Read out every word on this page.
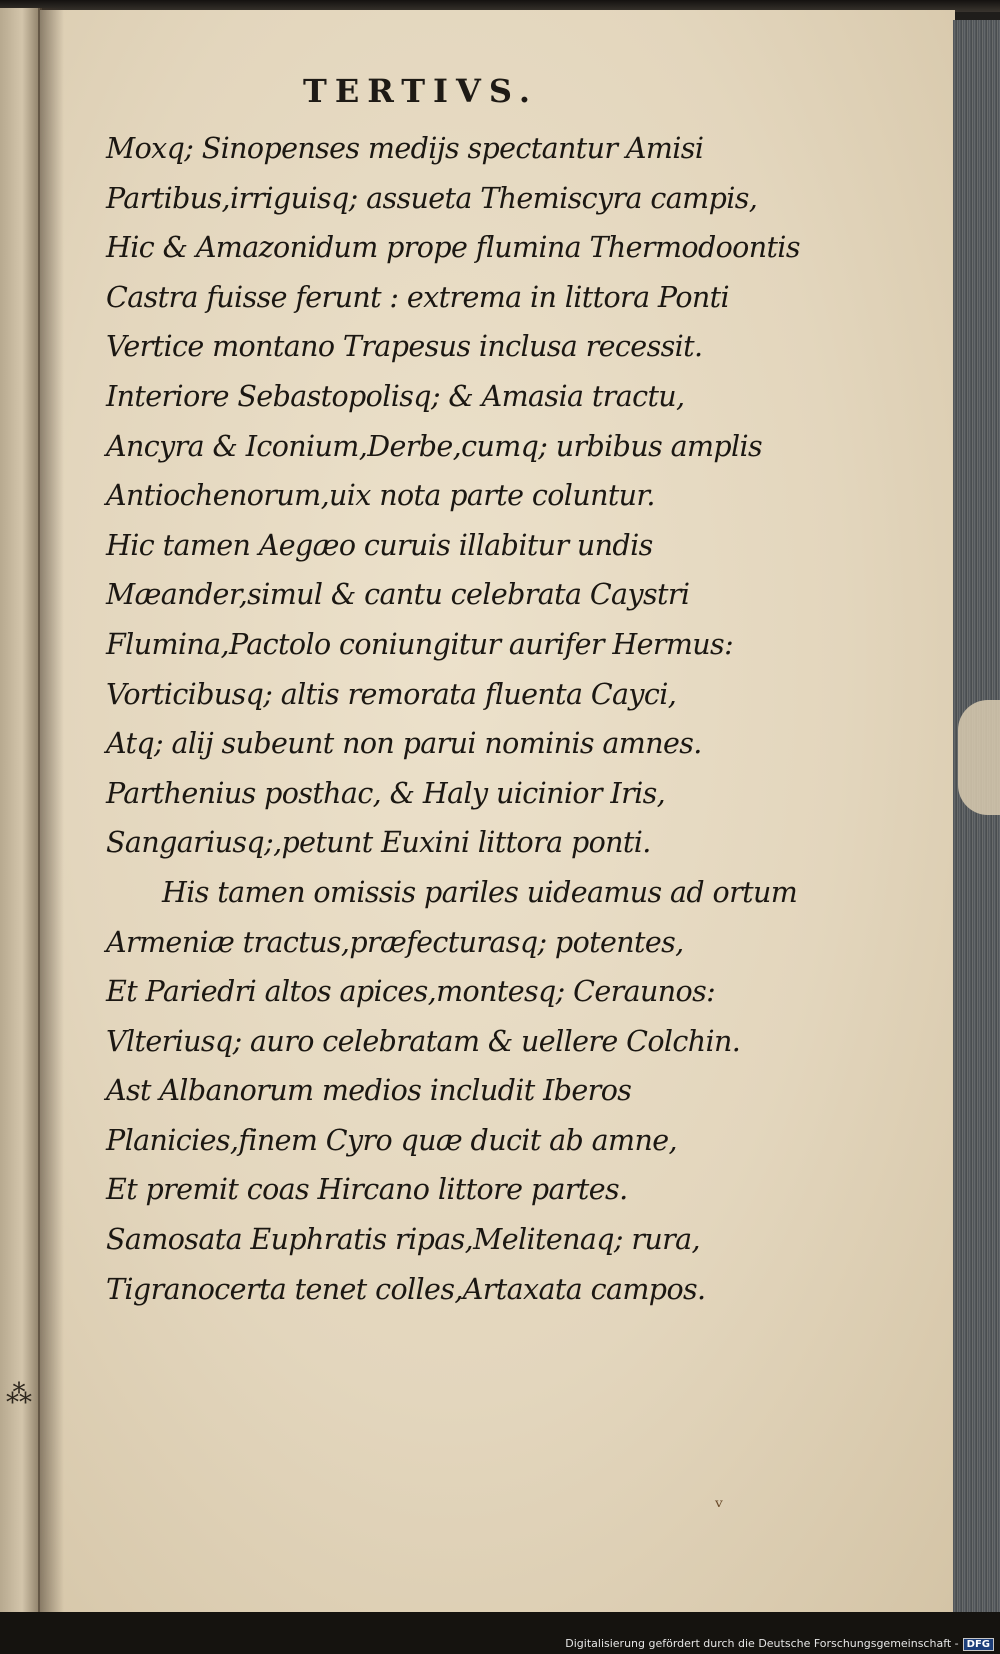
TERTIVS.
Moxq; Sinopenses medijs spectantur Amisi
Partibus,irriguisq; assueta Themiscyra campis,
Hic & Amazonidum prope flumina Thermodoontis
Castra fuisse ferunt : extrema in littora Ponti
Vertice montano Trapesus inclusa recessit.
Interiore Sebastopolisq; & Amasia tractu,
Ancyra & Iconium,Derbe,cumq; urbibus amplis
Antiochenorum,uix nota parte coluntur.
Hic tamen Aegæo curuis illabitur undis
Mæander,simul & cantu celebrata Caystri
Flumina,Pactolo coniungitur aurifer Hermus:
Vorticibusq; altis remorata fluenta Cayci,
Atq; alij subeunt non parui nominis amnes.
Parthenius posthac, & Haly uicinior Iris,
Sangariusq;,petunt Euxini littora ponti.
His tamen omissis pariles uideamus ad ortum
Armeniæ tractus,præfecturasq; potentes,
Et Pariedri altos apices,montesq; Ceraunos:
Vlteriusq; auro celebratam & uellere Colchin.
Ast Albanorum medios includit Iberos
Planicies,finem Cyro quæ ducit ab amne,
Et premit coas Hircano littore partes.
Samosata Euphratis ripas,Melitenaq; rura,
Tigranocerta tenet colles,Artaxata campos.
⁂
ᵥ
Digitalisierung gefördert durch die Deutsche Forschungsgemeinschaft - DFG
